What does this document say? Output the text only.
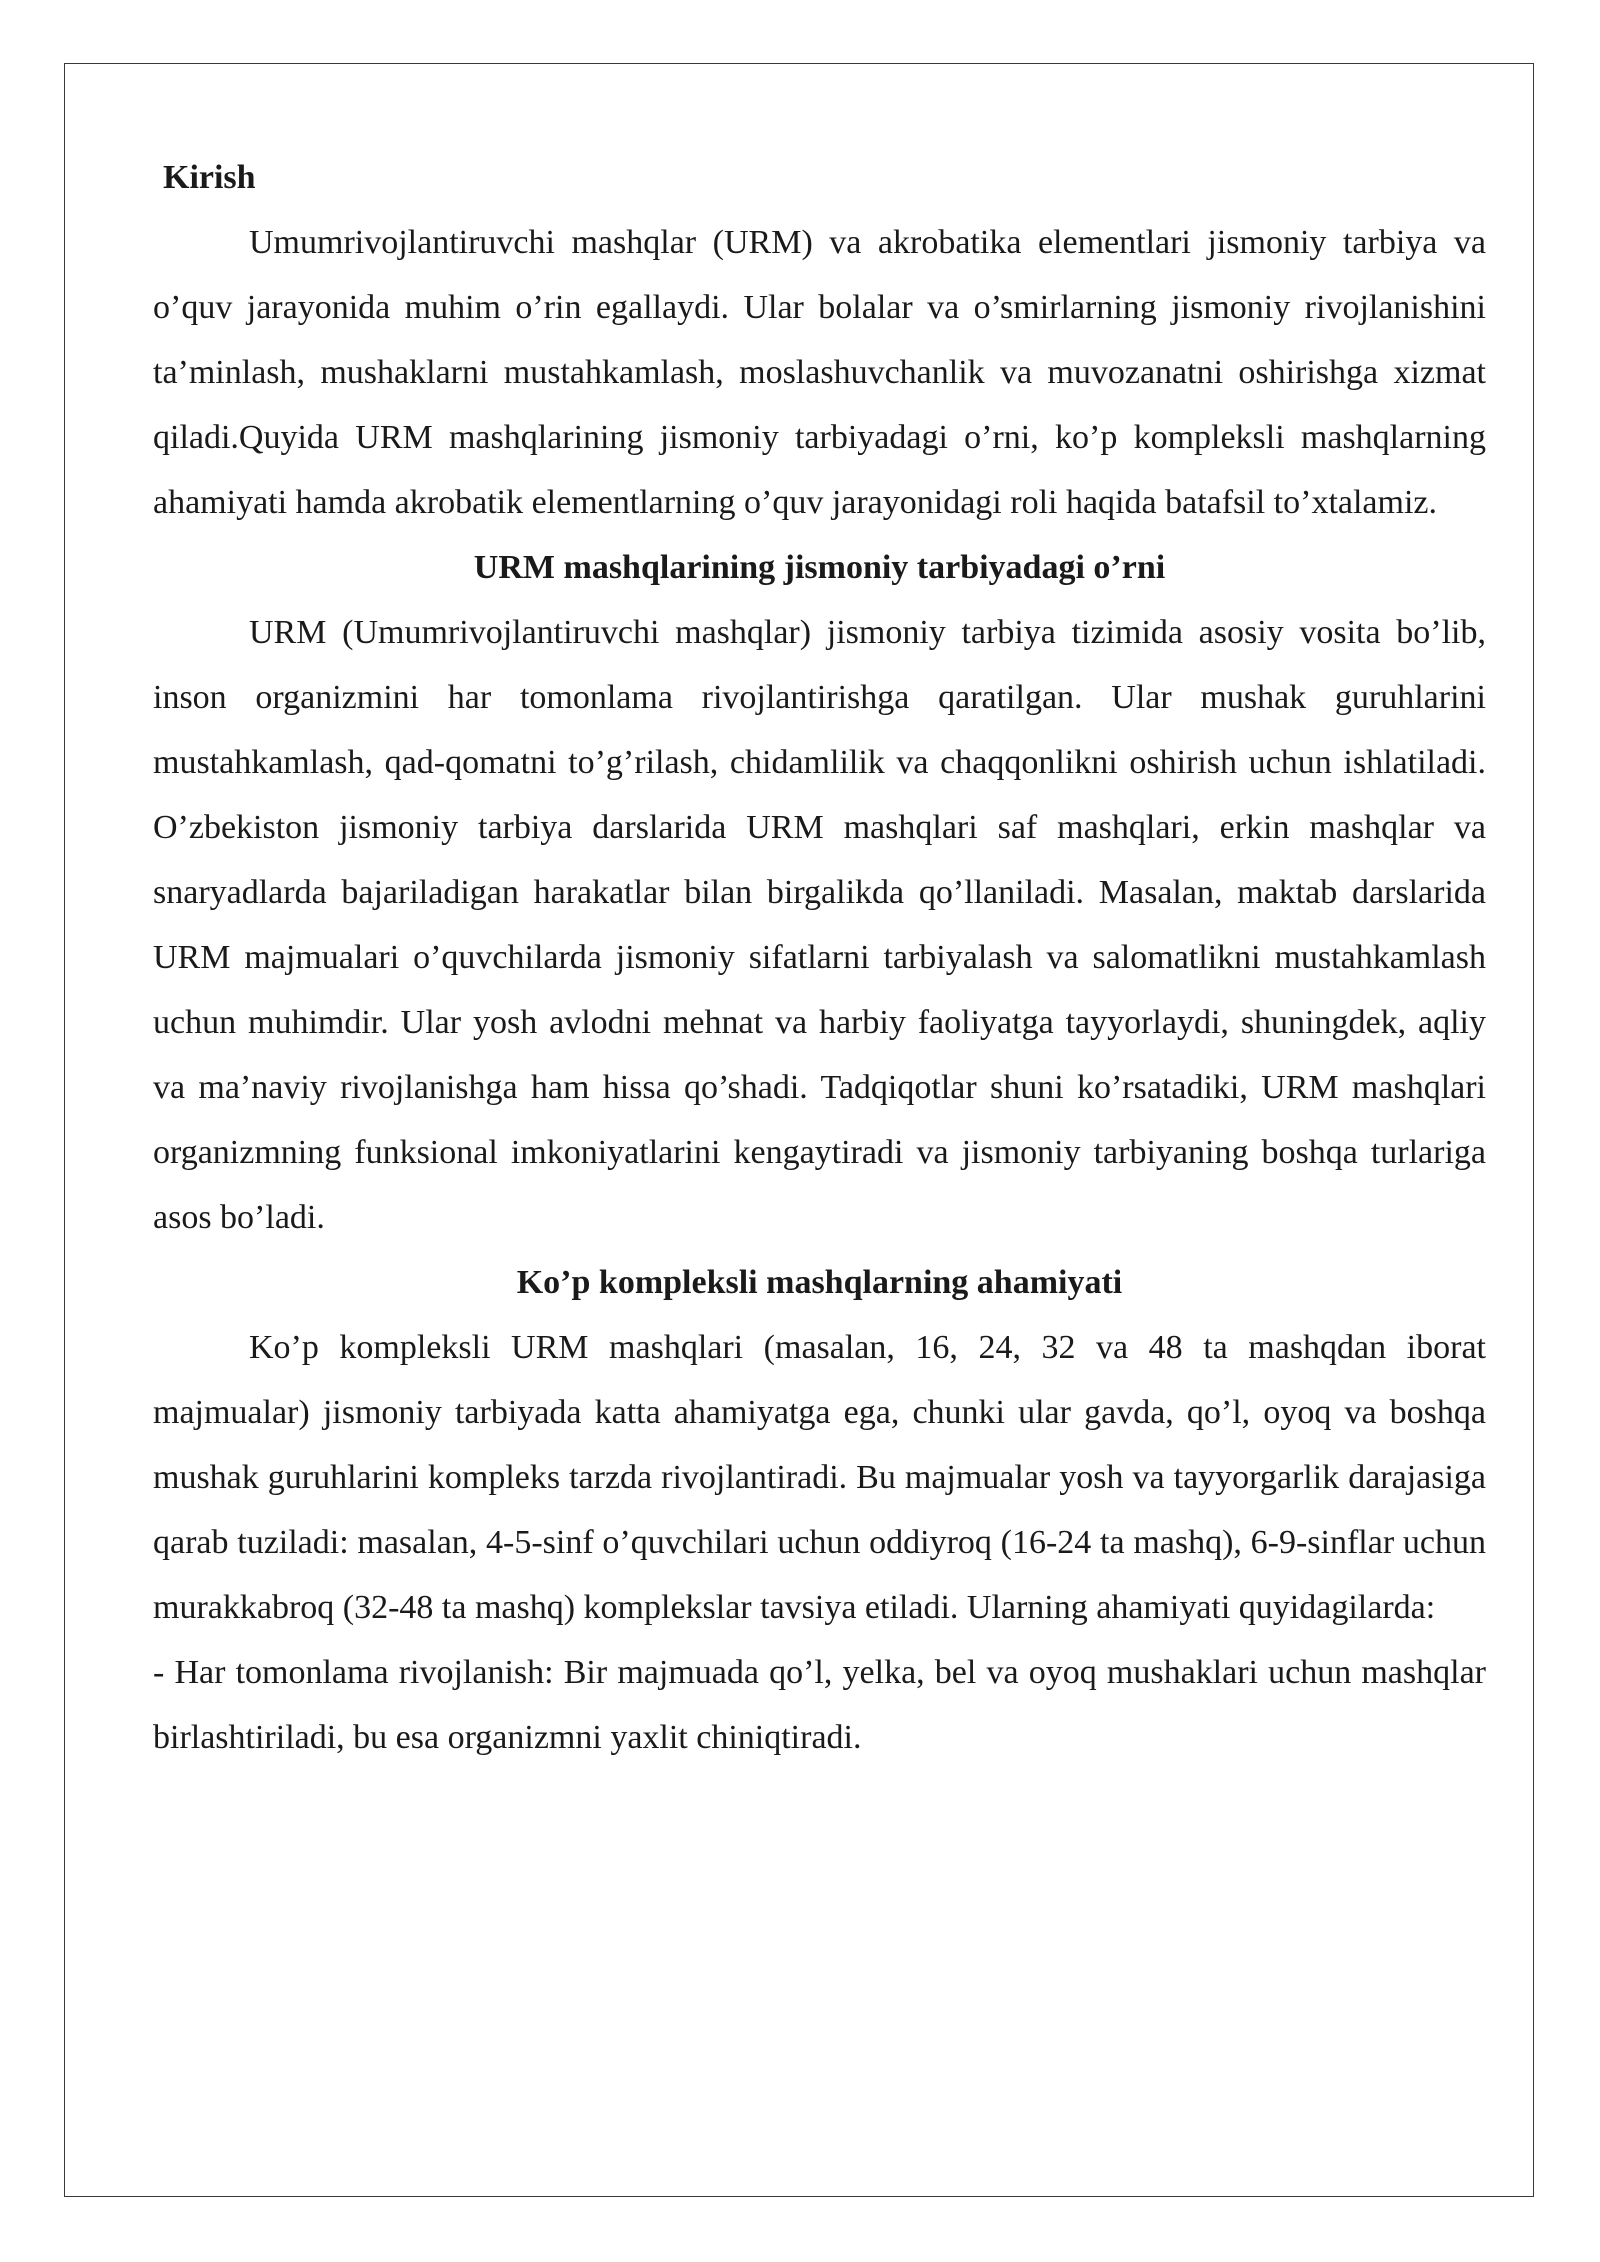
Kirish

Umumrivojlantiruvchi mashqlar (URM) va akrobatika elementlari jismoniy tarbiya va o’quv jarayonida muhim o’rin egallaydi. Ular bolalar va o’smirlarning jismoniy rivojlanishini ta’minlash, mushaklarni mustahkamlash, moslashuvchanlik va muvozanatni oshirishga xizmat qiladi.Quyida URM mashqlarining jismoniy tarbiyadagi o’rni, ko’p kompleksli mashqlarning ahamiyati hamda akrobatik elementlarning o’quv jarayonidagi roli haqida batafsil to’xtalamiz.

URM mashqlarining jismoniy tarbiyadagi o’rni

URM (Umumrivojlantiruvchi mashqlar) jismoniy tarbiya tizimida asosiy vosita bo’lib, inson organizmini har tomonlama rivojlantirishga qaratilgan. Ular mushak guruhlarini mustahkamlash, qad-qomatni to’g’rilash, chidamlilik va chaqqonlikni oshirish uchun ishlatiladi. O’zbekiston jismoniy tarbiya darslarida URM mashqlari saf mashqlari, erkin mashqlar va snaryadlarda bajariladigan harakatlar bilan birgalikda qo’llaniladi. Masalan, maktab darslarida URM majmualari o’quvchilarda jismoniy sifatlarni tarbiyalash va salomatlikni mustahkamlash uchun muhimdir. Ular yosh avlodni mehnat va harbiy faoliyatga tayyorlaydi, shuningdek, aqliy va ma’naviy rivojlanishga ham hissa qo’shadi. Tadqiqotlar shuni ko’rsatadiki, URM mashqlari organizmning funksional imkoniyatlarini kengaytiradi va jismoniy tarbiyaning boshqa turlariga asos bo’ladi.

Ko’p kompleksli mashqlarning ahamiyati

Ko’p kompleksli URM mashqlari (masalan, 16, 24, 32 va 48 ta mashqdan iborat majmualar) jismoniy tarbiyada katta ahamiyatga ega, chunki ular gavda, qo’l, oyoq va boshqa mushak guruhlarini kompleks tarzda rivojlantiradi. Bu majmualar yosh va tayyorgarlik darajasiga qarab tuziladi: masalan, 4-5-sinf o’quvchilari uchun oddiyroq (16-24 ta mashq), 6-9-sinflar uchun murakkabroq (32-48 ta mashq) komplekslar tavsiya etiladi. Ularning ahamiyati quyidagilarda:

- Har tomonlama rivojlanish: Bir majmuada qo’l, yelka, bel va oyoq mushaklari uchun mashqlar birlashtiriladi, bu esa organizmni yaxlit chiniqtiradi.
